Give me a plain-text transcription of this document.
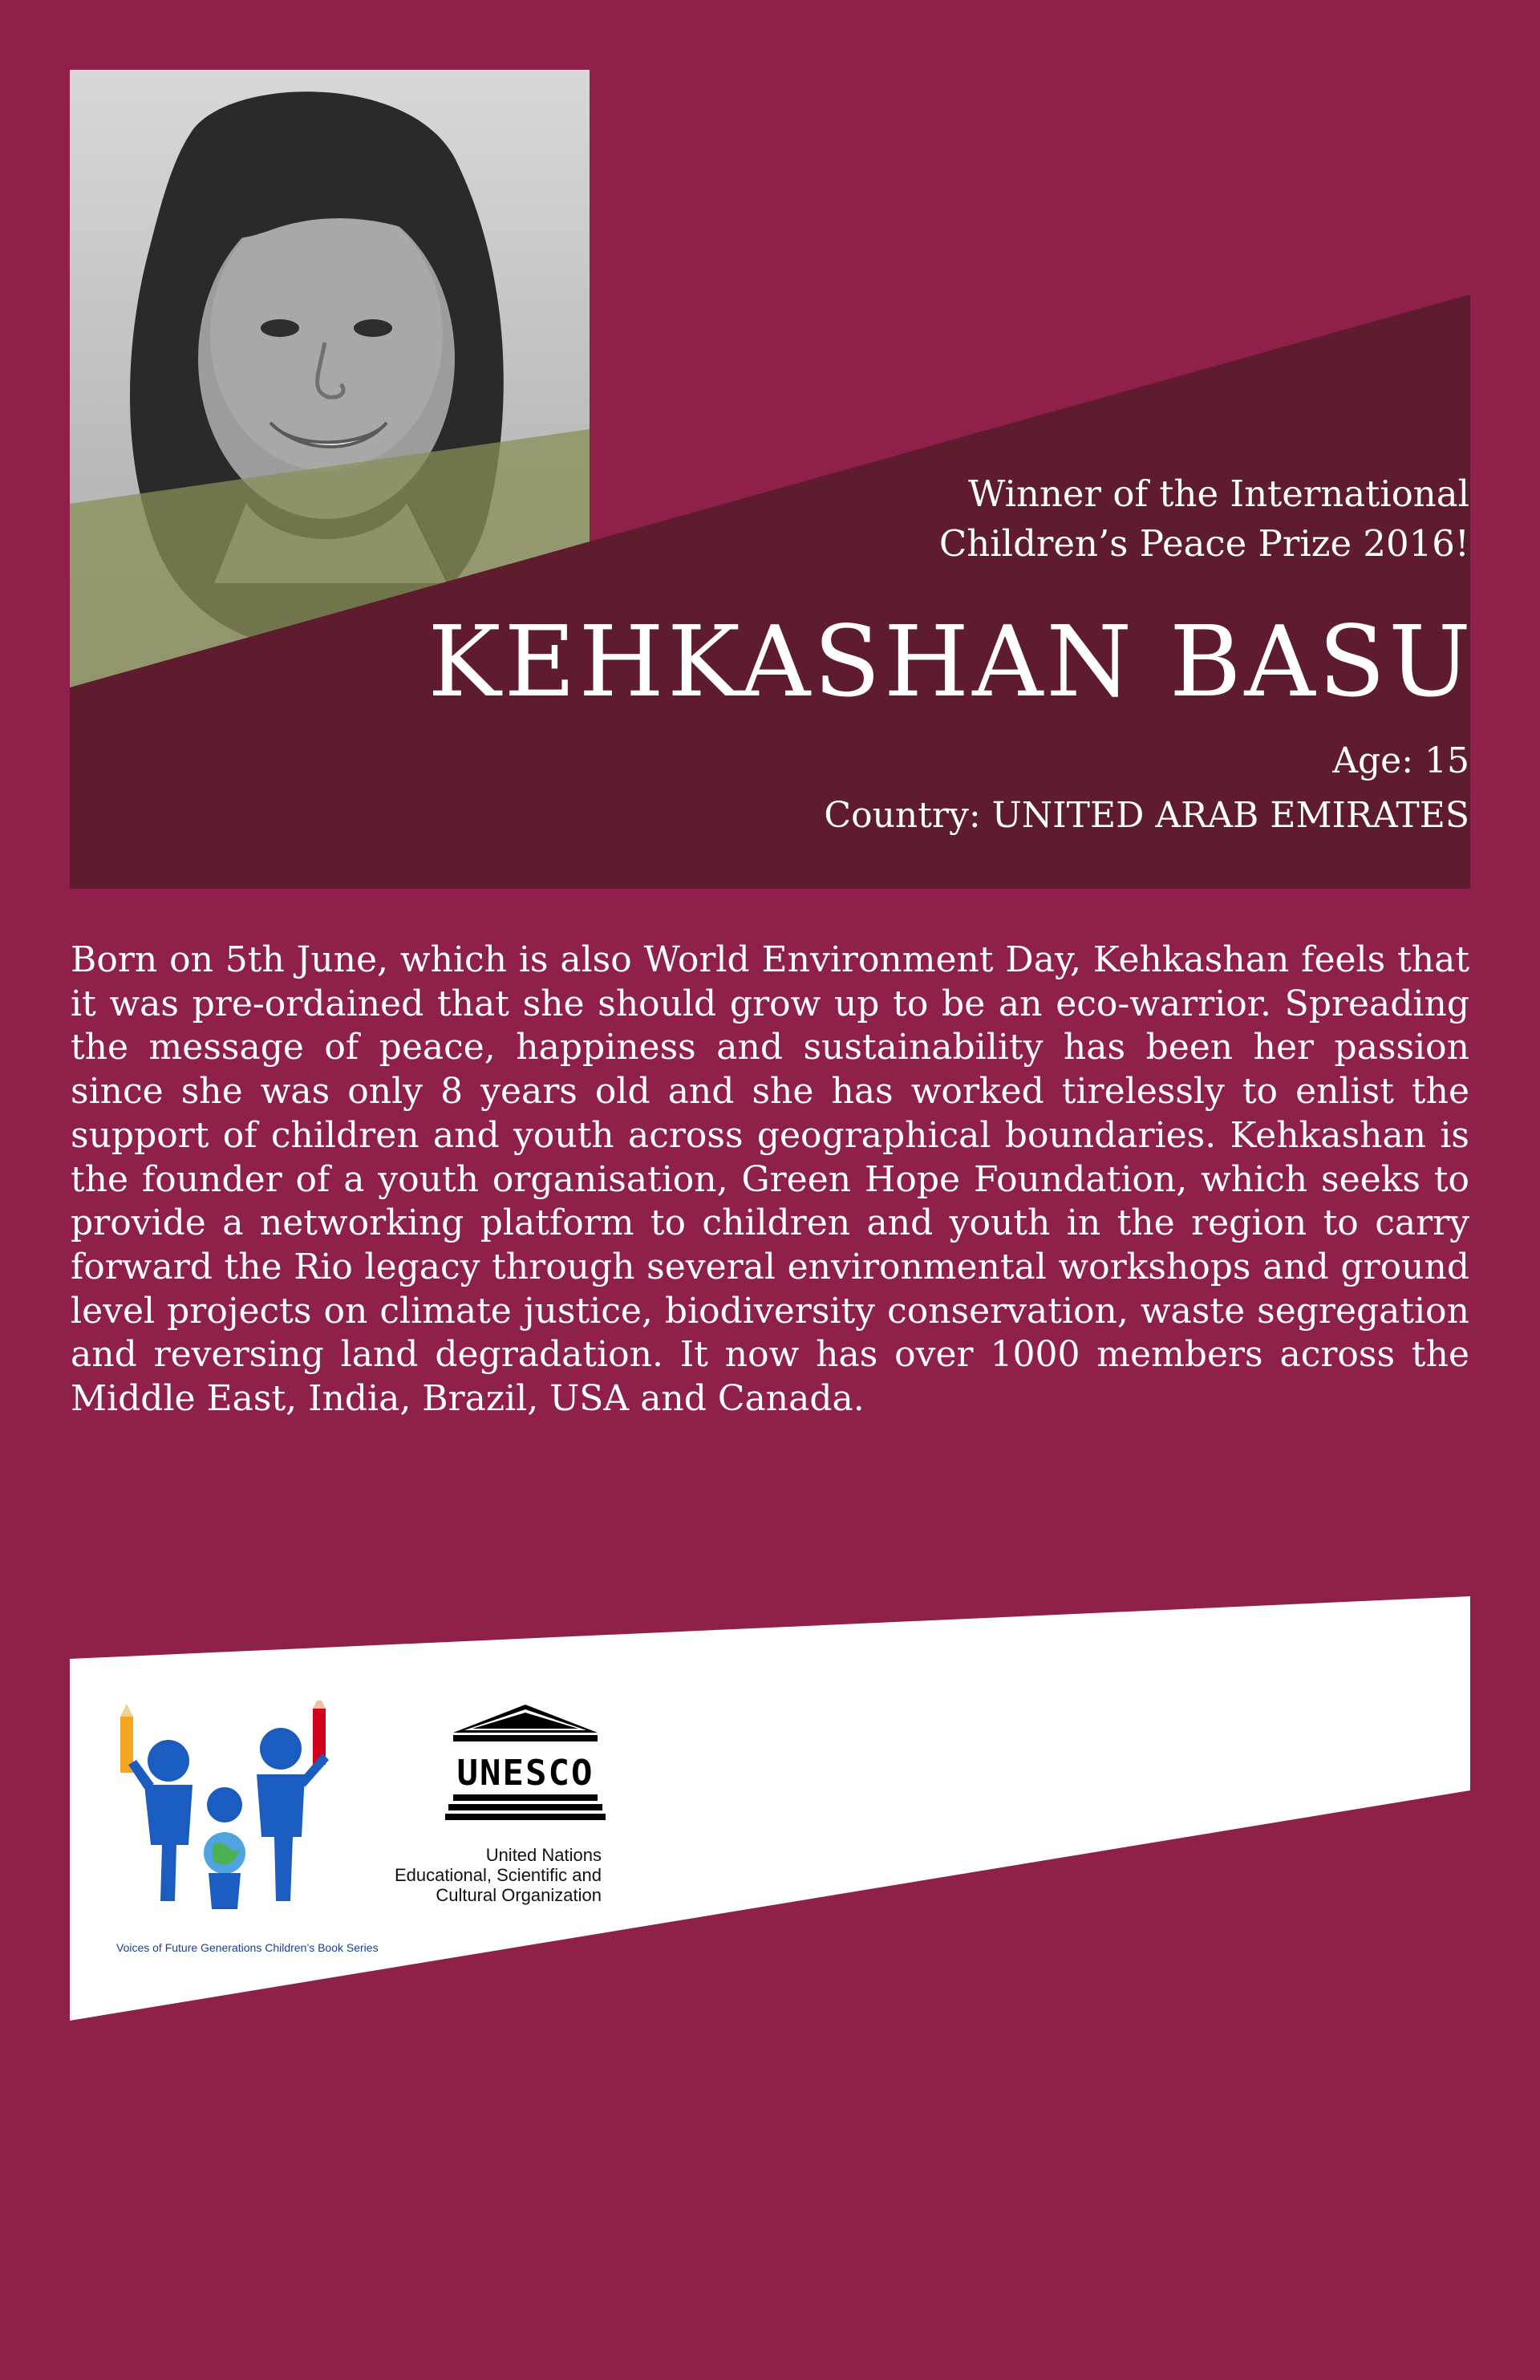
Winner of the International
Children’s Peace Prize 2016!
KEHKASHAN BASU
Age: 15
Country: UNITED ARAB EMIRATES

Born on 5th June, which is also World Environment Day, Kehkashan feels that it was pre-ordained that she should grow up to be an eco-warrior. Spreading the message of peace, happiness and sustainability has been her passion since she was only 8 years old and she has worked tirelessly to enlist the support of children and youth across geographical boundaries. Kehkashan is the founder of a youth organisation, Green Hope Foundation, which seeks to provide a networking platform to children and youth in the region to carry forward the Rio legacy through several environmental workshops and ground level projects on climate justice, biodiversity conservation, waste segregation and reversing land degradation. It now has over 1000 members across the Middle East, India, Brazil, USA and Canada.

Voices of Future Generations Children’s Book Series
UNESCO
United Nations
Educational, Scientific and
Cultural Organization
